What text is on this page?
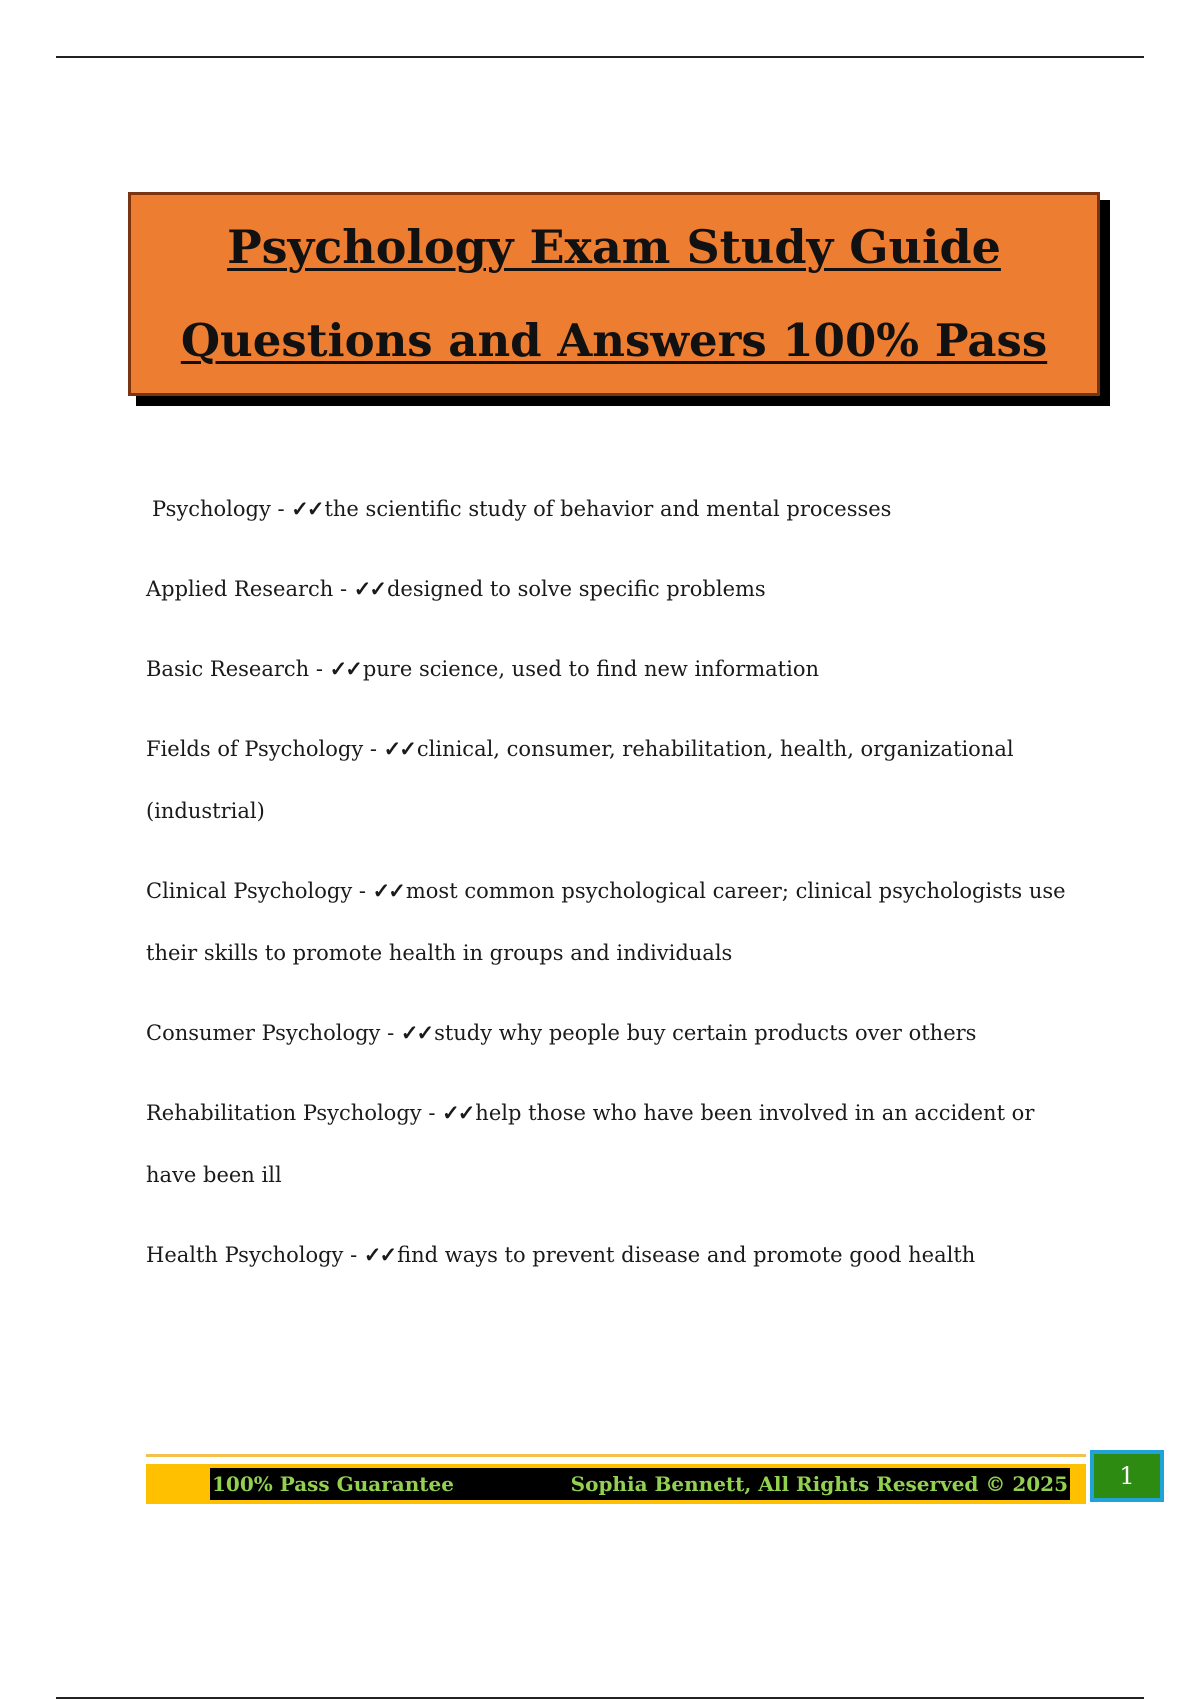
Psychology Exam Study Guide
Questions and Answers 100% Pass
Psychology - ✓✓the scientific study of behavior and mental processes
Applied Research - ✓✓designed to solve specific problems
Basic Research - ✓✓pure science, used to find new information
Fields of Psychology - ✓✓clinical, consumer, rehabilitation, health, organizational (industrial)
Clinical Psychology - ✓✓most common psychological career; clinical psychologists use their skills to promote health in groups and individuals
Consumer Psychology - ✓✓study why people buy certain products over others
Rehabilitation Psychology - ✓✓help those who have been involved in an accident or have been ill
Health Psychology - ✓✓find ways to prevent disease and promote good health
100% Pass Guarantee	Sophia Bennett, All Rights Reserved © 2025	1
